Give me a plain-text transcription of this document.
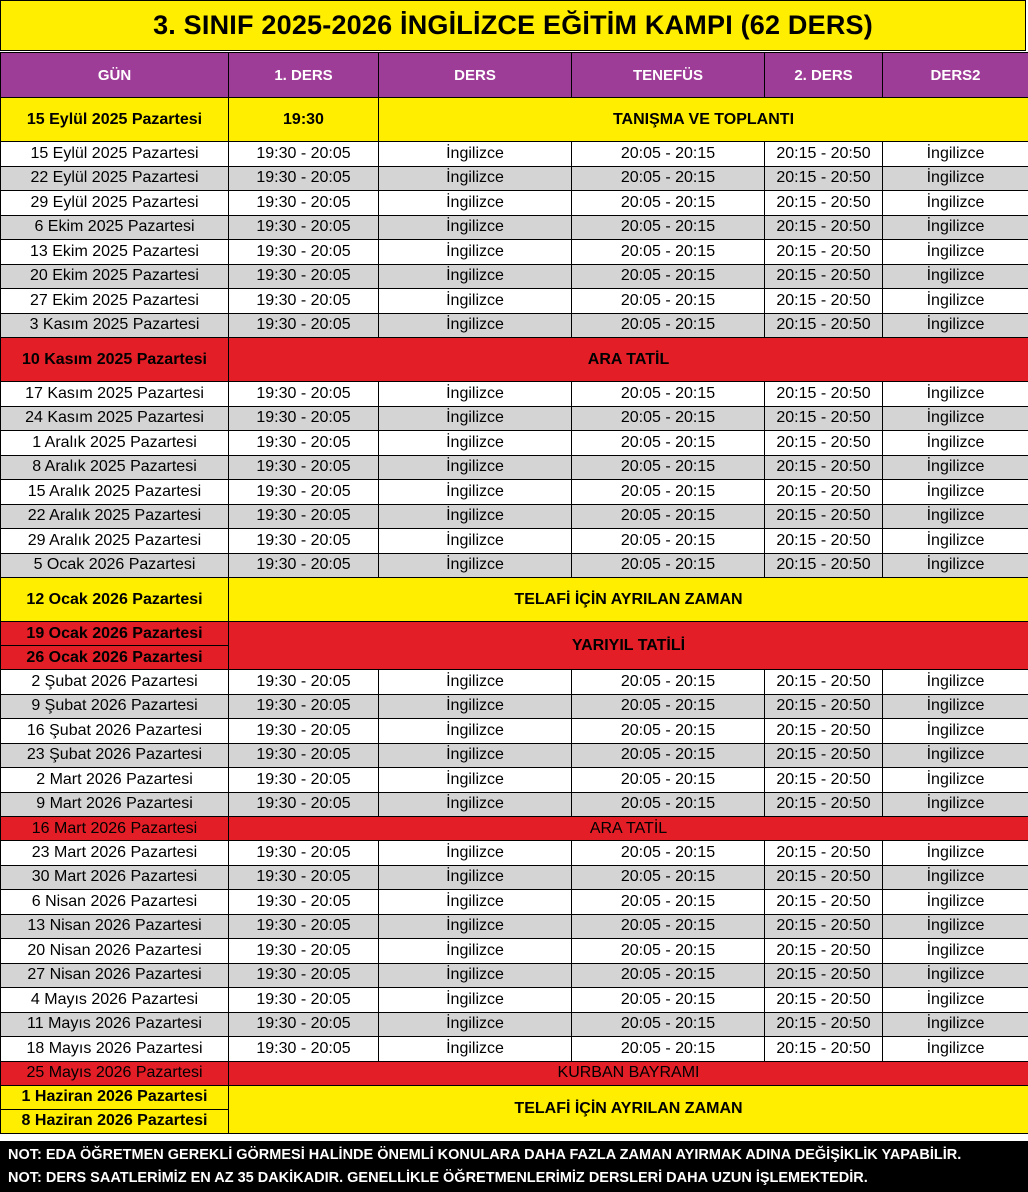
3. SINIF 2025-2026 İNGİLİZCE EĞİTİM KAMPI (62 DERS)
GÜN	1. DERS	DERS	TENEFÜS	2. DERS	DERS2
15 Eylül 2025 Pazartesi	19:30	TANIŞMA VE TOPLANTI			
15 Eylül 2025 Pazartesi	19:30 - 20:05	İngilizce	20:05 - 20:15	20:15 - 20:50	İngilizce
22 Eylül 2025 Pazartesi	19:30 - 20:05	İngilizce	20:05 - 20:15	20:15 - 20:50	İngilizce
29 Eylül 2025 Pazartesi	19:30 - 20:05	İngilizce	20:05 - 20:15	20:15 - 20:50	İngilizce
6 Ekim 2025 Pazartesi	19:30 - 20:05	İngilizce	20:05 - 20:15	20:15 - 20:50	İngilizce
13 Ekim 2025 Pazartesi	19:30 - 20:05	İngilizce	20:05 - 20:15	20:15 - 20:50	İngilizce
20 Ekim 2025 Pazartesi	19:30 - 20:05	İngilizce	20:05 - 20:15	20:15 - 20:50	İngilizce
27 Ekim 2025 Pazartesi	19:30 - 20:05	İngilizce	20:05 - 20:15	20:15 - 20:50	İngilizce
3 Kasım 2025 Pazartesi	19:30 - 20:05	İngilizce	20:05 - 20:15	20:15 - 20:50	İngilizce
10 Kasım 2025 Pazartesi	ARA TATİL				
17 Kasım 2025 Pazartesi	19:30 - 20:05	İngilizce	20:05 - 20:15	20:15 - 20:50	İngilizce
24 Kasım 2025 Pazartesi	19:30 - 20:05	İngilizce	20:05 - 20:15	20:15 - 20:50	İngilizce
1 Aralık 2025 Pazartesi	19:30 - 20:05	İngilizce	20:05 - 20:15	20:15 - 20:50	İngilizce
8 Aralık 2025 Pazartesi	19:30 - 20:05	İngilizce	20:05 - 20:15	20:15 - 20:50	İngilizce
15 Aralık 2025 Pazartesi	19:30 - 20:05	İngilizce	20:05 - 20:15	20:15 - 20:50	İngilizce
22 Aralık 2025 Pazartesi	19:30 - 20:05	İngilizce	20:05 - 20:15	20:15 - 20:50	İngilizce
29 Aralık 2025 Pazartesi	19:30 - 20:05	İngilizce	20:05 - 20:15	20:15 - 20:50	İngilizce
5 Ocak 2026 Pazartesi	19:30 - 20:05	İngilizce	20:05 - 20:15	20:15 - 20:50	İngilizce
12 Ocak 2026 Pazartesi	TELAFİ İÇİN AYRILAN ZAMAN				
19 Ocak 2026 Pazartesi	YARIYIL TATİLİ				
26 Ocak 2026 Pazartesi					
2 Şubat 2026 Pazartesi	19:30 - 20:05	İngilizce	20:05 - 20:15	20:15 - 20:50	İngilizce
9 Şubat 2026 Pazartesi	19:30 - 20:05	İngilizce	20:05 - 20:15	20:15 - 20:50	İngilizce
16 Şubat 2026 Pazartesi	19:30 - 20:05	İngilizce	20:05 - 20:15	20:15 - 20:50	İngilizce
23 Şubat 2026 Pazartesi	19:30 - 20:05	İngilizce	20:05 - 20:15	20:15 - 20:50	İngilizce
2 Mart 2026 Pazartesi	19:30 - 20:05	İngilizce	20:05 - 20:15	20:15 - 20:50	İngilizce
9 Mart 2026 Pazartesi	19:30 - 20:05	İngilizce	20:05 - 20:15	20:15 - 20:50	İngilizce
16 Mart 2026 Pazartesi	ARA TATİL				
23 Mart 2026 Pazartesi	19:30 - 20:05	İngilizce	20:05 - 20:15	20:15 - 20:50	İngilizce
30 Mart 2026 Pazartesi	19:30 - 20:05	İngilizce	20:05 - 20:15	20:15 - 20:50	İngilizce
6 Nisan 2026 Pazartesi	19:30 - 20:05	İngilizce	20:05 - 20:15	20:15 - 20:50	İngilizce
13 Nisan 2026 Pazartesi	19:30 - 20:05	İngilizce	20:05 - 20:15	20:15 - 20:50	İngilizce
20 Nisan 2026 Pazartesi	19:30 - 20:05	İngilizce	20:05 - 20:15	20:15 - 20:50	İngilizce
27 Nisan 2026 Pazartesi	19:30 - 20:05	İngilizce	20:05 - 20:15	20:15 - 20:50	İngilizce
4 Mayıs 2026 Pazartesi	19:30 - 20:05	İngilizce	20:05 - 20:15	20:15 - 20:50	İngilizce
11 Mayıs 2026 Pazartesi	19:30 - 20:05	İngilizce	20:05 - 20:15	20:15 - 20:50	İngilizce
18 Mayıs 2026 Pazartesi	19:30 - 20:05	İngilizce	20:05 - 20:15	20:15 - 20:50	İngilizce
25 Mayıs 2026 Pazartesi	KURBAN BAYRAMI				
1 Haziran 2026 Pazartesi	TELAFİ İÇİN AYRILAN ZAMAN				
8 Haziran 2026 Pazartesi					
NOT: EDA ÖĞRETMEN GEREKLİ GÖRMESİ HALİNDE ÖNEMLİ KONULARA DAHA FAZLA ZAMAN AYIRMAK ADINA DEĞİŞİKLİK YAPABİLİR.
NOT: DERS SAATLERİMİZ EN AZ 35 DAKİKADIR. GENELLİKLE ÖĞRETMENLERİMİZ DERSLERİ DAHA UZUN İŞLEMEKTEDİR.
